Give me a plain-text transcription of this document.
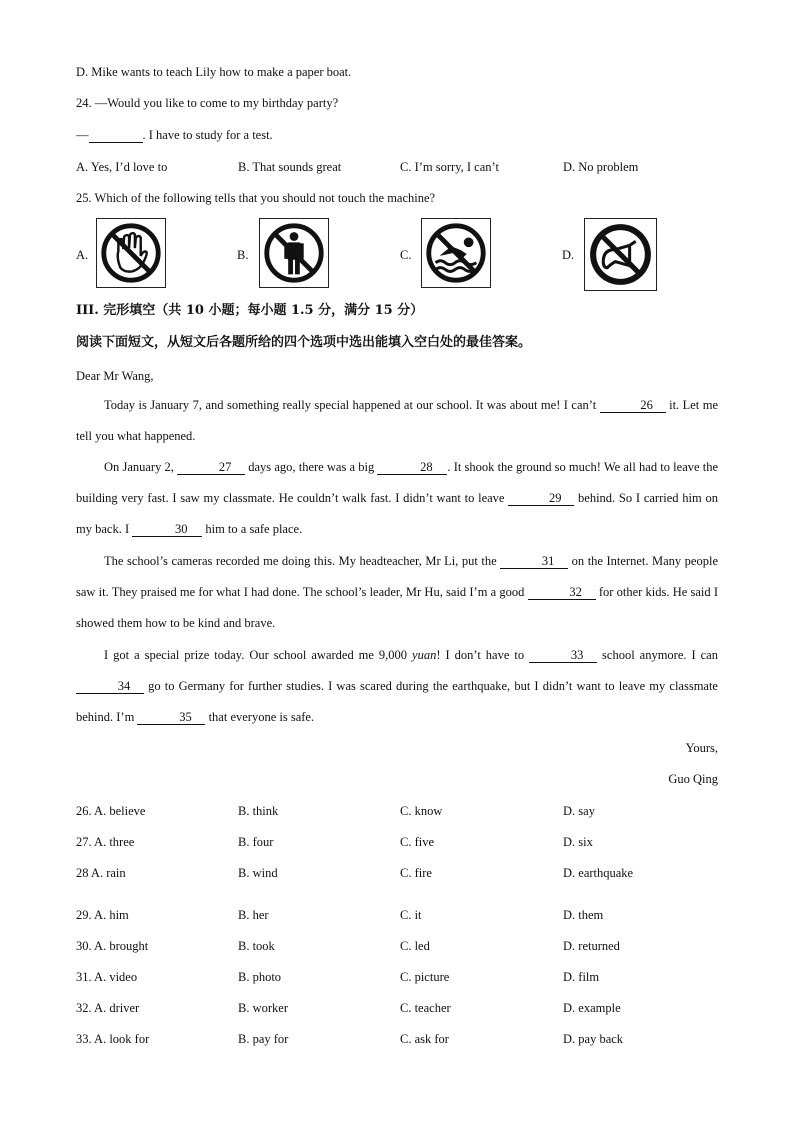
D. Mike wants to teach Lily how to make a paper boat.
24. —Would you like to come to my birthday party?
—	. I have to study for a test.
A. Yes, I’d love to	B. That sounds great	C. I’m sorry, I can’t	D. No problem
25. Which of the following tells that you should not touch the machine?
A.	B.	C.	D.
III. 完形填空（共 10 小题；每小题 1.5 分，满分 15 分）
阅读下面短文，从短文后各题所给的四个选项中选出能填入空白处的最佳答案。
Dear Mr Wang,
Today is January 7, and something really special happened at our school. It was about me! I can’t	26 it. Let me tell you what happened.
On January 2,	27 days ago, there was a big	28 . It shook the ground so much! We all had to leave the building very fast. I saw my classmate. He couldn’t walk fast. I didn’t want to leave	29 behind. So I carried him on my back. I	30 him to a safe place.
The school’s cameras recorded me doing this. My headteacher, Mr Li, put the	31 on the Internet. Many people saw it. They praised me for what I had done. The school’s leader, Mr Hu, said I’m a good	32 for other kids. He said I showed them how to be kind and brave.
I got a special prize today. Our school awarded me 9,000 yuan! I don’t have to	33 school anymore. I can 34 go to Germany for further studies. I was scared during the earthquake, but I didn’t want to leave my classmate behind. I’m	35 that everyone is safe.
Yours,
Guo Qing
26. A. believe	B. think	C. know	D. say
27. A. three	B. four	C. five	D. six
28 A. rain	B. wind	C. fire	D. earthquake
29. A. him	B. her	C. it	D. them
30. A. brought	B. took	C. led	D. returned
31. A. video	B. photo	C. picture	D. film
32. A. driver	B. worker	C. teacher	D. example
33. A. look for	B. pay for	C. ask for	D. pay back
